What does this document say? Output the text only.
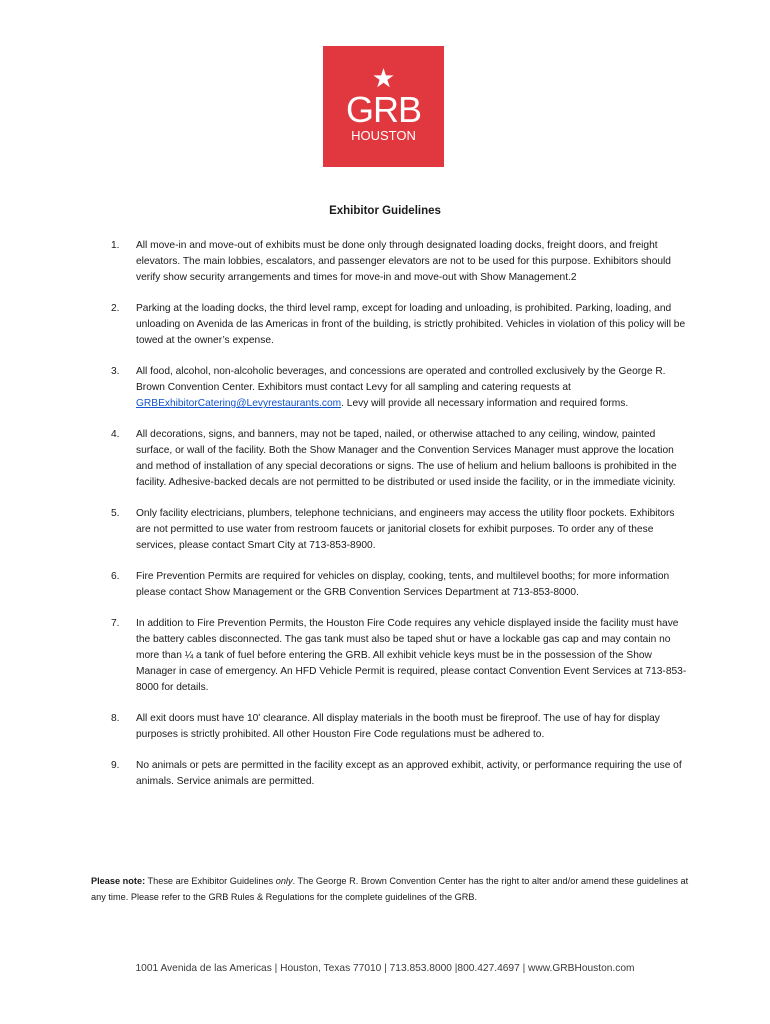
GRB
HOUSTON
Exhibitor Guidelines
1. All move-in and move-out of exhibits must be done only through designated loading docks, freight doors, and freight elevators. The main lobbies, escalators, and passenger elevators are not to be used for this purpose. Exhibitors should verify show security arrangements and times for move-in and move-out with Show Management.2
2. Parking at the loading docks, the third level ramp, except for loading and unloading, is prohibited. Parking, loading, and unloading on Avenida de las Americas in front of the building, is strictly prohibited. Vehicles in violation of this policy will be towed at the owner’s expense.
3. All food, alcohol, non-alcoholic beverages, and concessions are operated and controlled exclusively by the George R. Brown Convention Center. Exhibitors must contact Levy for all sampling and catering requests at GRBExhibitorCatering@Levyrestaurants.com. Levy will provide all necessary information and required forms.
4. All decorations, signs, and banners, may not be taped, nailed, or otherwise attached to any ceiling, window, painted surface, or wall of the facility. Both the Show Manager and the Convention Services Manager must approve the location and method of installation of any special decorations or signs. The use of helium and helium balloons is prohibited in the facility. Adhesive-backed decals are not permitted to be distributed or used inside the facility, or in the immediate vicinity.
5. Only facility electricians, plumbers, telephone technicians, and engineers may access the utility floor pockets. Exhibitors are not permitted to use water from restroom faucets or janitorial closets for exhibit purposes. To order any of these services, please contact Smart City at 713-853-8900.
6. Fire Prevention Permits are required for vehicles on display, cooking, tents, and multilevel booths; for more information please contact Show Management or the GRB Convention Services Department at 713-853-8000.
7. In addition to Fire Prevention Permits, the Houston Fire Code requires any vehicle displayed inside the facility must have the battery cables disconnected. The gas tank must also be taped shut or have a lockable gas cap and may contain no more than ¼ a tank of fuel before entering the GRB. All exhibit vehicle keys must be in the possession of the Show Manager in case of emergency. An HFD Vehicle Permit is required, please contact Convention Event Services at 713-853-8000 for details.
8. All exit doors must have 10ʹ clearance. All display materials in the booth must be fireproof. The use of hay for display purposes is strictly prohibited. All other Houston Fire Code regulations must be adhered to.
9. No animals or pets are permitted in the facility except as an approved exhibit, activity, or performance requiring the use of animals. Service animals are permitted.
Please note: These are Exhibitor Guidelines only. The George R. Brown Convention Center has the right to alter and/or amend these guidelines at any time. Please refer to the GRB Rules & Regulations for the complete guidelines of the GRB.
1001 Avenida de las Americas | Houston, Texas 77010 | 713.853.8000 |800.427.4697 | www.GRBHouston.com
